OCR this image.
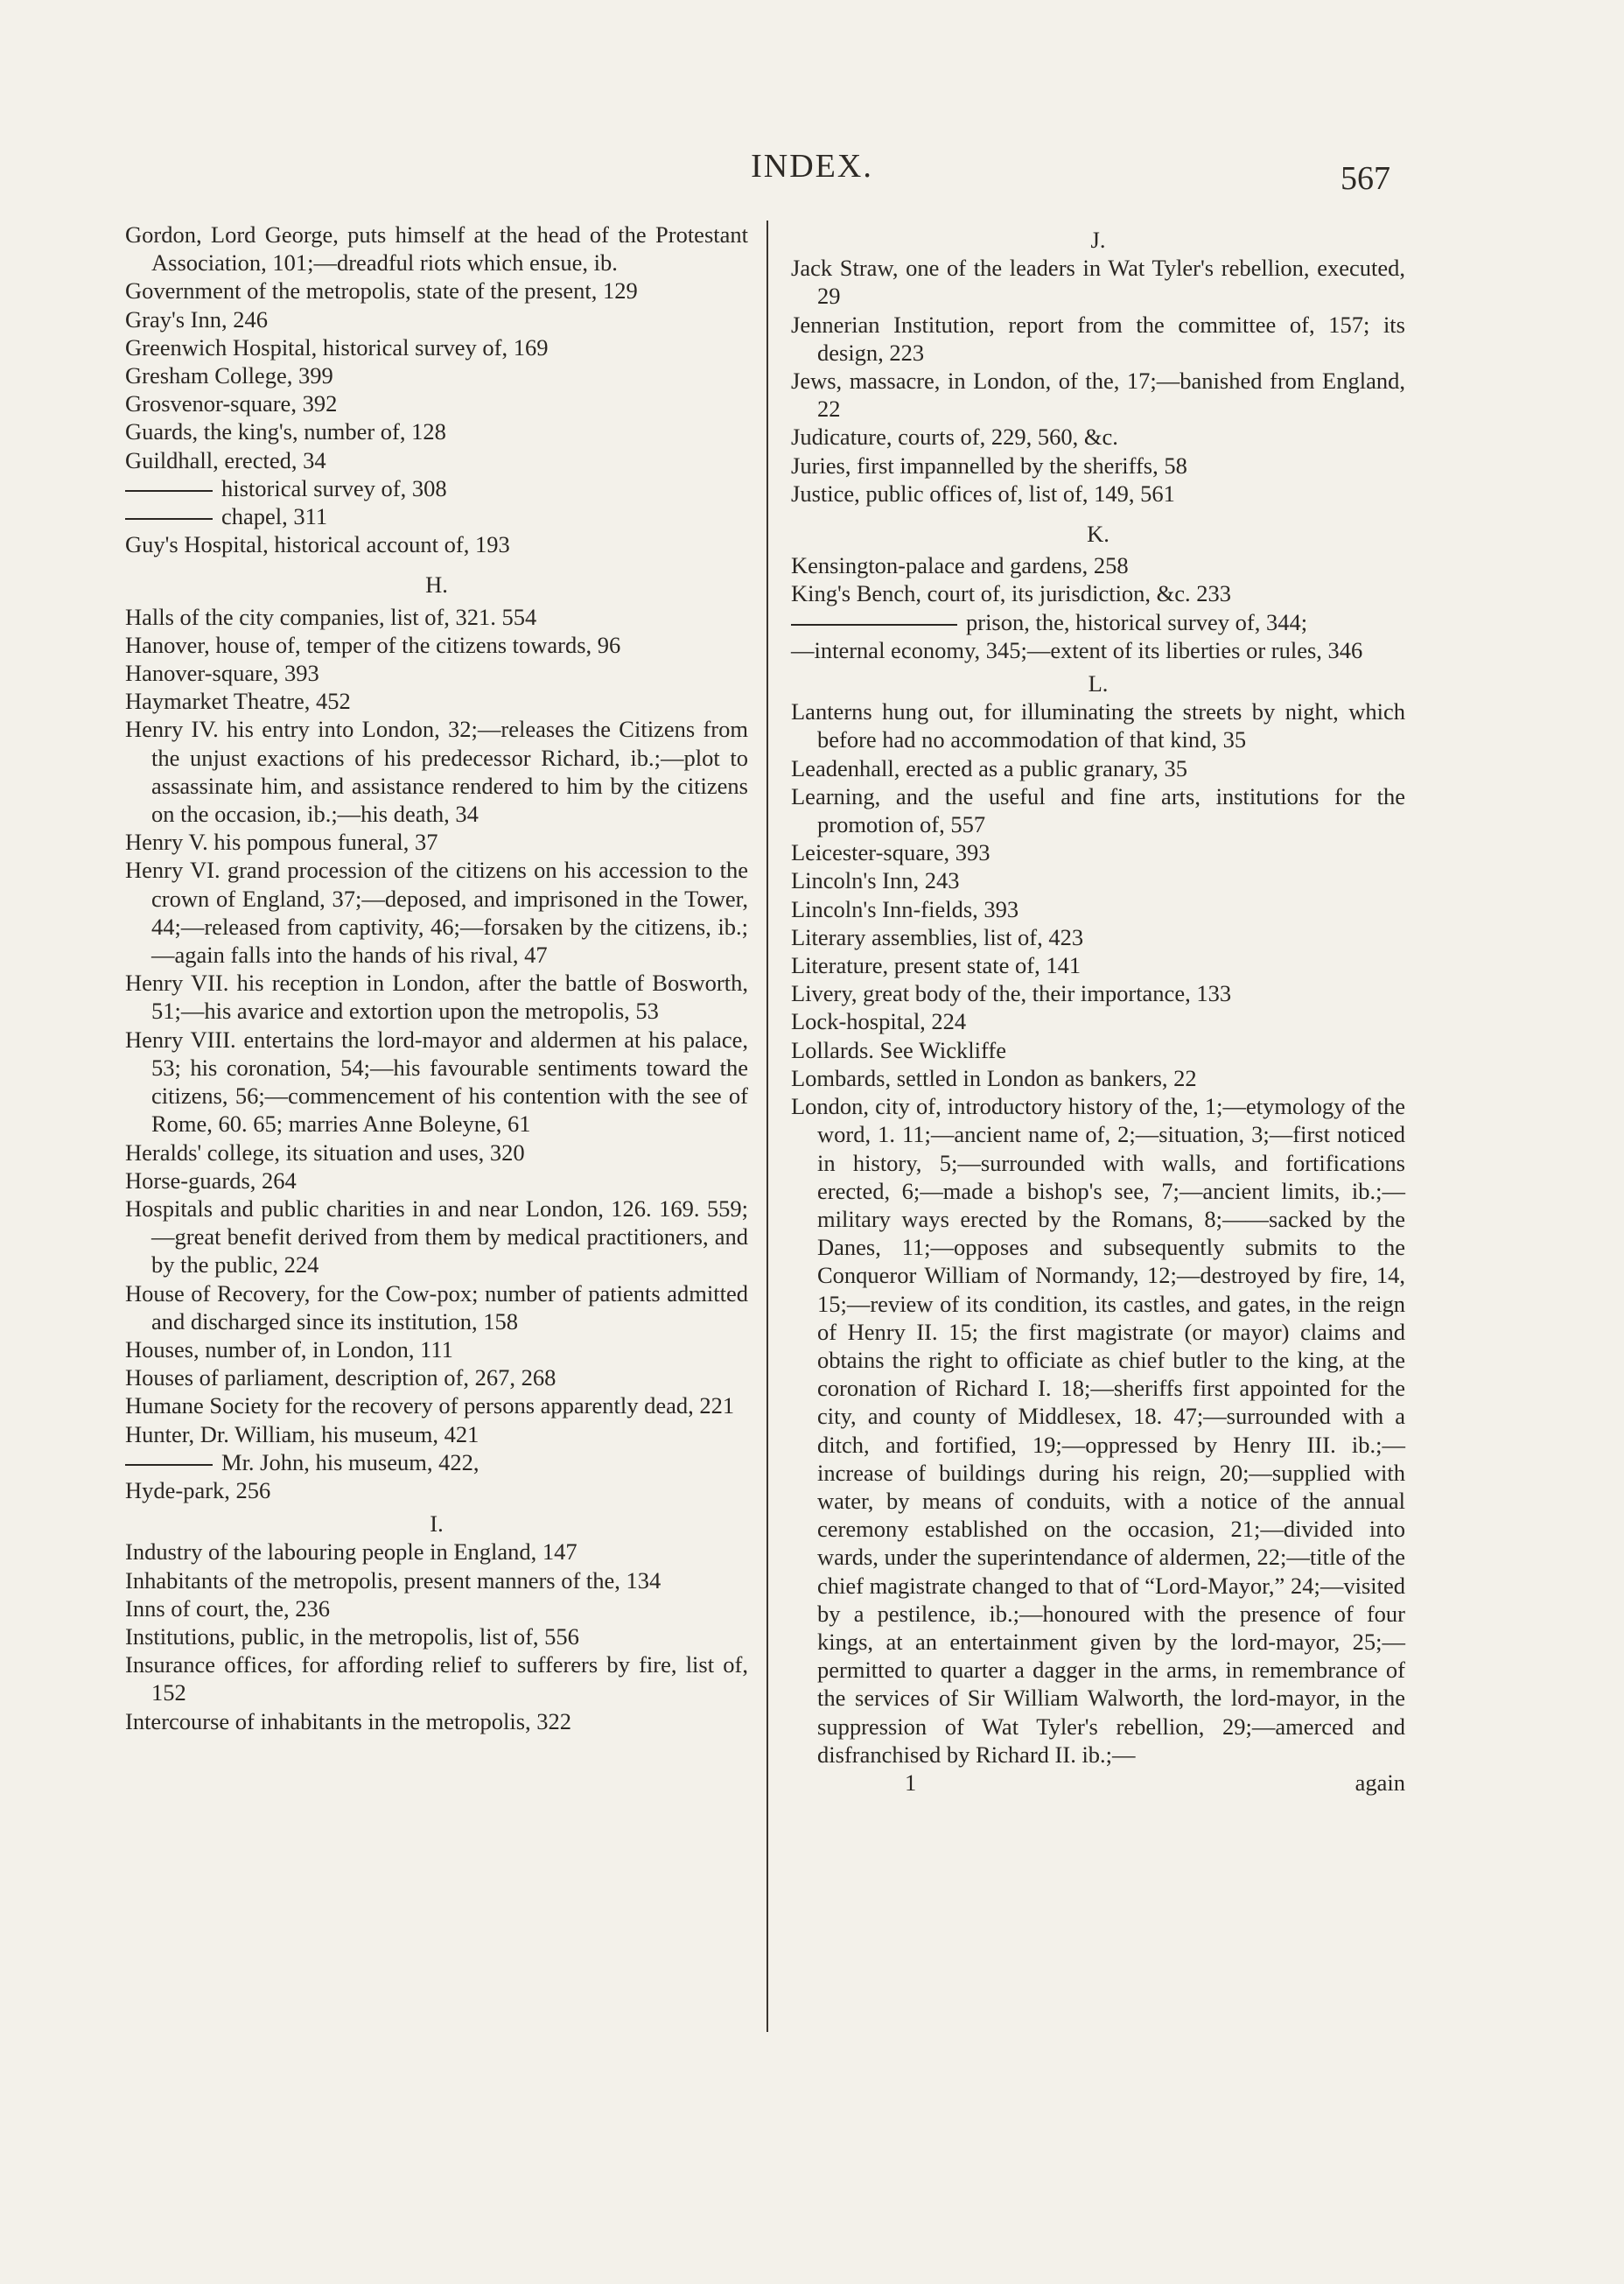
INDEX.	567
Gordon, Lord George, puts himself at the head of the Protestant Association, 101;—dreadful riots which ensue, ib.
Government of the metropolis, state of the present, 129
Gray's Inn, 246
Greenwich Hospital, historical survey of, 169
Gresham College, 399
Grosvenor-square, 392
Guards, the king's, number of, 128
Guildhall, erected, 34
historical survey of, 308
chapel, 311
Guy's Hospital, historical account of, 193
H.
Halls of the city companies, list of, 321. 554
Hanover, house of, temper of the citizens towards, 96
Hanover-square, 393
Haymarket Theatre, 452
Henry IV. his entry into London, 32;—releases the Citizens from the unjust exactions of his predecessor Richard, ib.;—plot to assassinate him, and assistance rendered to him by the citizens on the occasion, ib.;—his death, 34
Henry V. his pompous funeral, 37
Henry VI. grand procession of the citizens on his accession to the crown of England, 37;—deposed, and imprisoned in the Tower, 44;—released from captivity, 46;—forsaken by the citizens, ib.;—again falls into the hands of his rival, 47
Henry VII. his reception in London, after the battle of Bosworth, 51;—his avarice and extortion upon the metropolis, 53
Henry VIII. entertains the lord-mayor and aldermen at his palace, 53; his coronation, 54;—his favourable sentiments toward the citizens, 56;—commencement of his contention with the see of Rome, 60. 65; marries Anne Boleyne, 61
Heralds' college, its situation and uses, 320
Horse-guards, 264
Hospitals and public charities in and near London, 126. 169. 559;—great benefit derived from them by medical practitioners, and by the public, 224
House of Recovery, for the Cow-pox; number of patients admitted and discharged since its institution, 158
Houses, number of, in London, 111
Houses of parliament, description of, 267, 268
Humane Society for the recovery of persons apparently dead, 221
Hunter, Dr. William, his museum, 421
Mr. John, his museum, 422,
Hyde-park, 256
I.
Industry of the labouring people in England, 147
Inhabitants of the metropolis, present manners of the, 134
Inns of court, the, 236
Institutions, public, in the metropolis, list of, 556
Insurance offices, for affording relief to sufferers by fire, list of, 152
Intercourse of inhabitants in the metropolis, 322
J.
Jack Straw, one of the leaders in Wat Tyler's rebellion, executed, 29
Jennerian Institution, report from the committee of, 157; its design, 223
Jews, massacre, in London, of the, 17;—banished from England, 22
Judicature, courts of, 229, 560, &c.
Juries, first impannelled by the sheriffs, 58
Justice, public offices of, list of, 149, 561
K.
Kensington-palace and gardens, 258
King's Bench, court of, its jurisdiction, &c. 233
prison, the, historical survey of, 344;
—internal economy, 345;—extent of its liberties or rules, 346
L.
Lanterns hung out, for illuminating the streets by night, which before had no accommodation of that kind, 35
Leadenhall, erected as a public granary, 35
Learning, and the useful and fine arts, institutions for the promotion of, 557
Leicester-square, 393
Lincoln's Inn, 243
Lincoln's Inn-fields, 393
Literary assemblies, list of, 423
Literature, present state of, 141
Livery, great body of the, their importance, 133
Lock-hospital, 224
Lollards. See Wickliffe
Lombards, settled in London as bankers, 22
London, city of, introductory history of the, 1;—etymology of the word, 1. 11;—ancient name of, 2;—situation, 3;—first noticed in history, 5;—surrounded with walls, and fortifications erected, 6;—made a bishop's see, 7;—ancient limits, ib.;—military ways erected by the Romans, 8;——sacked by the Danes, 11;—opposes and subsequently submits to the Conqueror William of Normandy, 12;—destroyed by fire, 14, 15;—review of its condition, its castles, and gates, in the reign of Henry II. 15; the first magistrate (or mayor) claims and obtains the right to officiate as chief butler to the king, at the coronation of Richard I. 18;—sheriffs first appointed for the city, and county of Middlesex, 18. 47;—surrounded with a ditch, and fortified, 19;—oppressed by Henry III. ib.;—increase of buildings during his reign, 20;—supplied with water, by means of conduits, with a notice of the annual ceremony established on the occasion, 21;—divided into wards, under the superintendance of aldermen, 22;—title of the chief magistrate changed to that of “Lord-Mayor,” 24;—visited by a pestilence, ib.;—honoured with the presence of four kings, at an entertainment given by the lord-mayor, 25;—permitted to quarter a dagger in the arms, in remembrance of the services of Sir William Walworth, the lord-mayor, in the suppression of Wat Tyler's rebellion, 29;—amerced and disfranchised by Richard II. ib.;—
1	again
